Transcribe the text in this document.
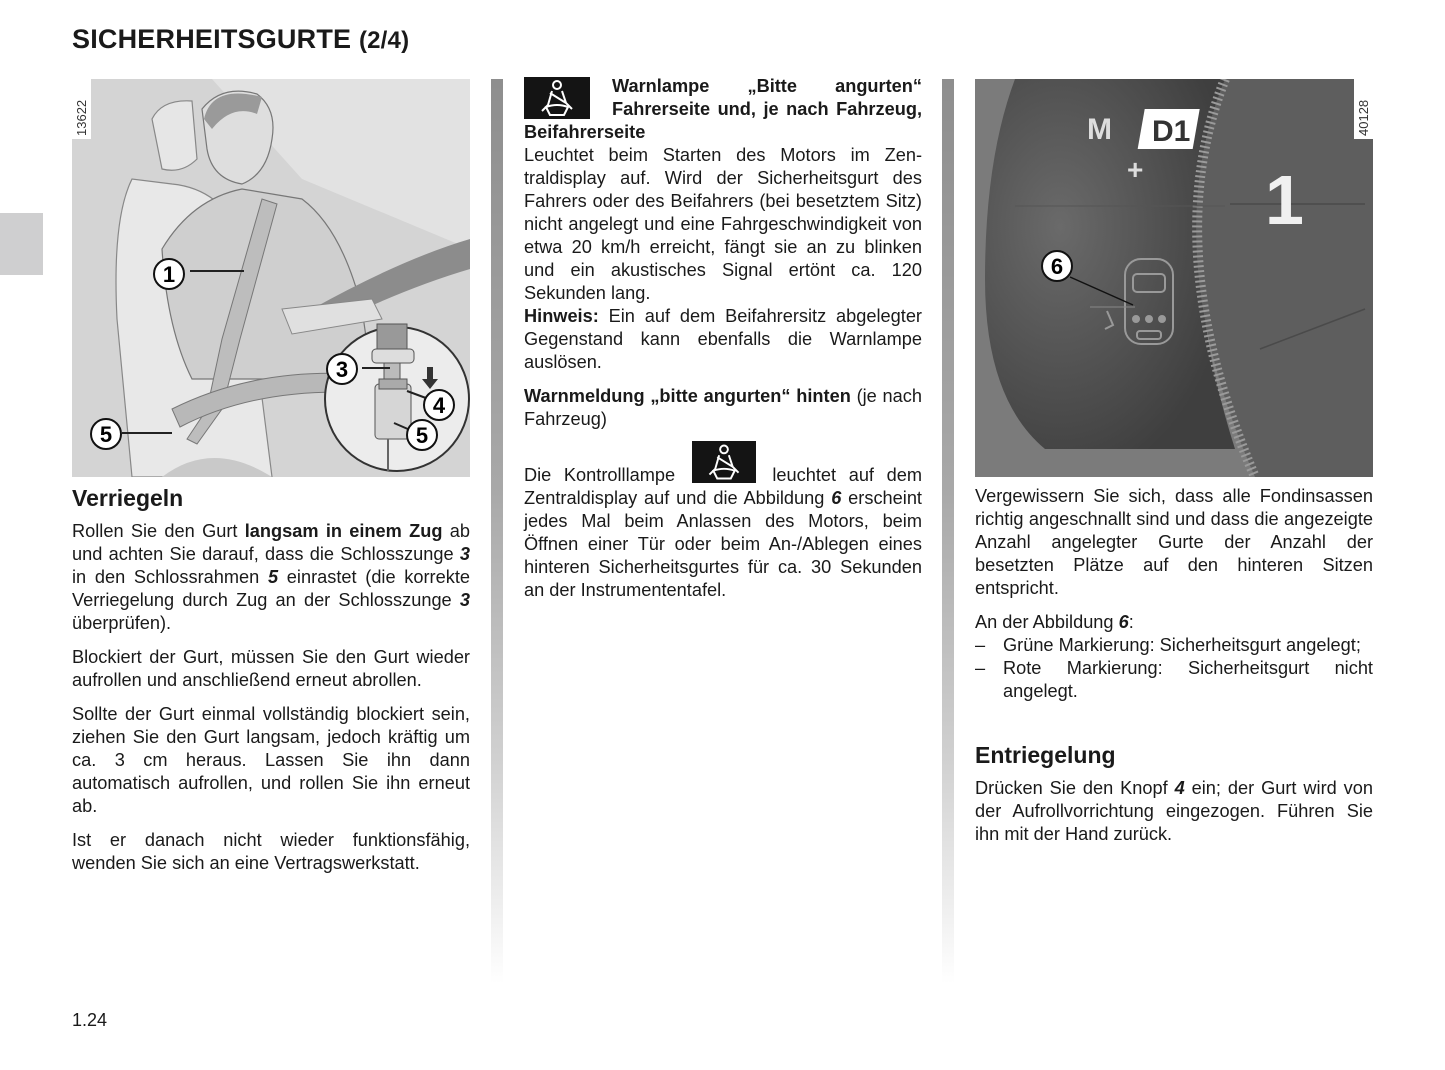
SICHERHEITSGURTE (2/4)
1
3
4
5
5
13622
Verriegeln

Rollen Sie den Gurt langsam in einem Zug ab und achten Sie darauf, dass die Schlosszunge 3 in den Schlossrahmen 5 einrastet (die korrekte Verriegelung durch Zug an der Schlosszunge 3 überprüfen).

Blockiert der Gurt, müssen Sie den Gurt wieder aufrollen und anschließend erneut abrollen.

Sollte der Gurt einmal vollständig blockiert sein, ziehen Sie den Gurt langsam, jedoch kräftig um ca. 3 cm heraus. Lassen Sie ihn dann automatisch aufrollen, und rollen Sie ihn erneut ab.

Ist er danach nicht wieder funktionsfähig, wenden Sie sich an eine Vertragswerkstatt.

Warnlampe „Bitte angurten“ Fahrerseite und, je nach Fahrzeug, Beifahrerseite

Leuchtet beim Starten des Motors im Zentraldisplay auf. Wird der Sicherheitsgurt des Fahrers oder des Beifahrers (bei besetztem Sitz) nicht angelegt und eine Fahrgeschwindigkeit von etwa 20 km/h erreicht, fängt sie an zu blinken und ein akustisches Signal ertönt ca. 120 Sekunden lang.

Hinweis: Ein auf dem Beifahrersitz abgelegter Gegenstand kann ebenfalls die Warnlampe auslösen.

Warnmeldung „bitte angurten“ hinten (je nach Fahrzeug)

Die Kontrolllampe	leuchtet auf dem Zentraldisplay auf und die Abbildung 6 erscheint jedes Mal beim Anlassen des Motors, beim Öffnen einer Tür oder beim An-/Ablegen eines hinteren Sicherheitsgurtes für ca. 30 Sekunden an der Instrumententafel.

D1
M
+ 1
6
40128

Vergewissern Sie sich, dass alle Fondinsassen richtig angeschnallt sind und dass die angezeigte Anzahl angelegter Gurte der Anzahl der besetzten Plätze auf den hinteren Sitzen entspricht.

An der Abbildung 6:

– Grüne Markierung: Sicherheitsgurt angelegt;
– Rote Markierung: Sicherheitsgurt nicht angelegt.
Entriegelung

Drücken Sie den Knopf 4 ein; der Gurt wird von der Aufrollvorrichtung eingezogen. Führen Sie ihn mit der Hand zurück.

1.24
